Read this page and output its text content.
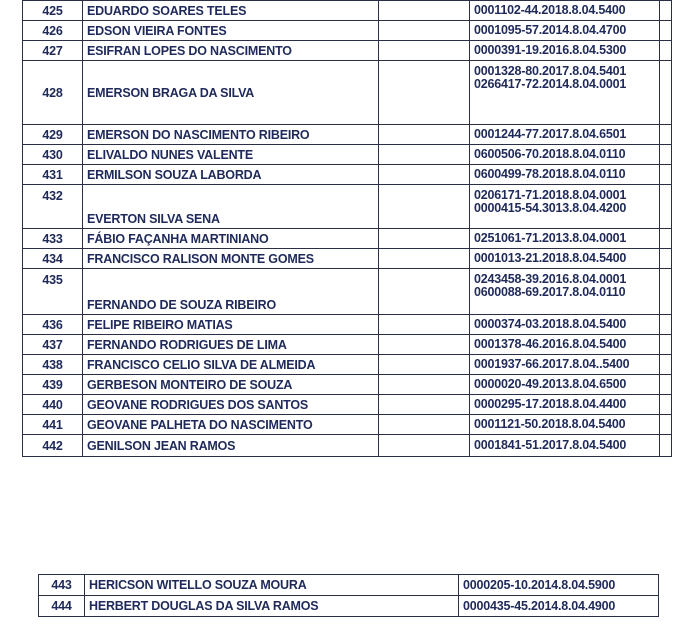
425	EDUARDO SOARES TELES		0001102-44.2018.8.04.5400	

426	EDSON VIEIRA FONTES		0001095-57.2014.8.04.4700	

427	ESIFRAN LOPES DO NASCIMENTO		0000391-19.2016.8.04.5300	

428	EMERSON BRAGA DA SILVA		0001328-80.2017.8.04.5401
0266417-72.2014.8.04.0001	

429	EMERSON DO NASCIMENTO RIBEIRO		0001244-77.2017.8.04.6501	

430	ELIVALDO NUNES VALENTE		0600506-70.2018.8.04.0110	

431	ERMILSON SOUZA LABORDA		0600499-78.2018.8.04.0110	

432	EVERTON SILVA SENA		0206171-71.2018.8.04.0001
0000415-54.3013.8.04.4200	

433	FÁBIO FAÇANHA MARTINIANO		0251061-71.2013.8.04.0001	

434	FRANCISCO RALISON MONTE GOMES		0001013-21.2018.8.04.5400	

435	FERNANDO DE SOUZA RIBEIRO		0243458-39.2016.8.04.0001
0600088-69.2017.8.04.0110	

436	FELIPE RIBEIRO MATIAS		0000374-03.2018.8.04.5400	

437	FERNANDO RODRIGUES DE LIMA		0001378-46.2016.8.04.5400	

438	FRANCISCO CELIO SILVA DE ALMEIDA		0001937-66.2017.8.04..5400	

439	GERBESON MONTEIRO DE SOUZA		0000020-49.2013.8.04.6500	

440	GEOVANE RODRIGUES DOS SANTOS		0000295-17.2018.8.04.4400	

441	GEOVANE PALHETA DO NASCIMENTO		0001121-50.2018.8.04.5400	

442	GENILSON JEAN RAMOS		0001841-51.2017.8.04.5400	

443	HERICSON WITELLO SOUZA MOURA	0000205-10.2014.8.04.5900

444	HERBERT DOUGLAS DA SILVA RAMOS	0000435-45.2014.8.04.4900
